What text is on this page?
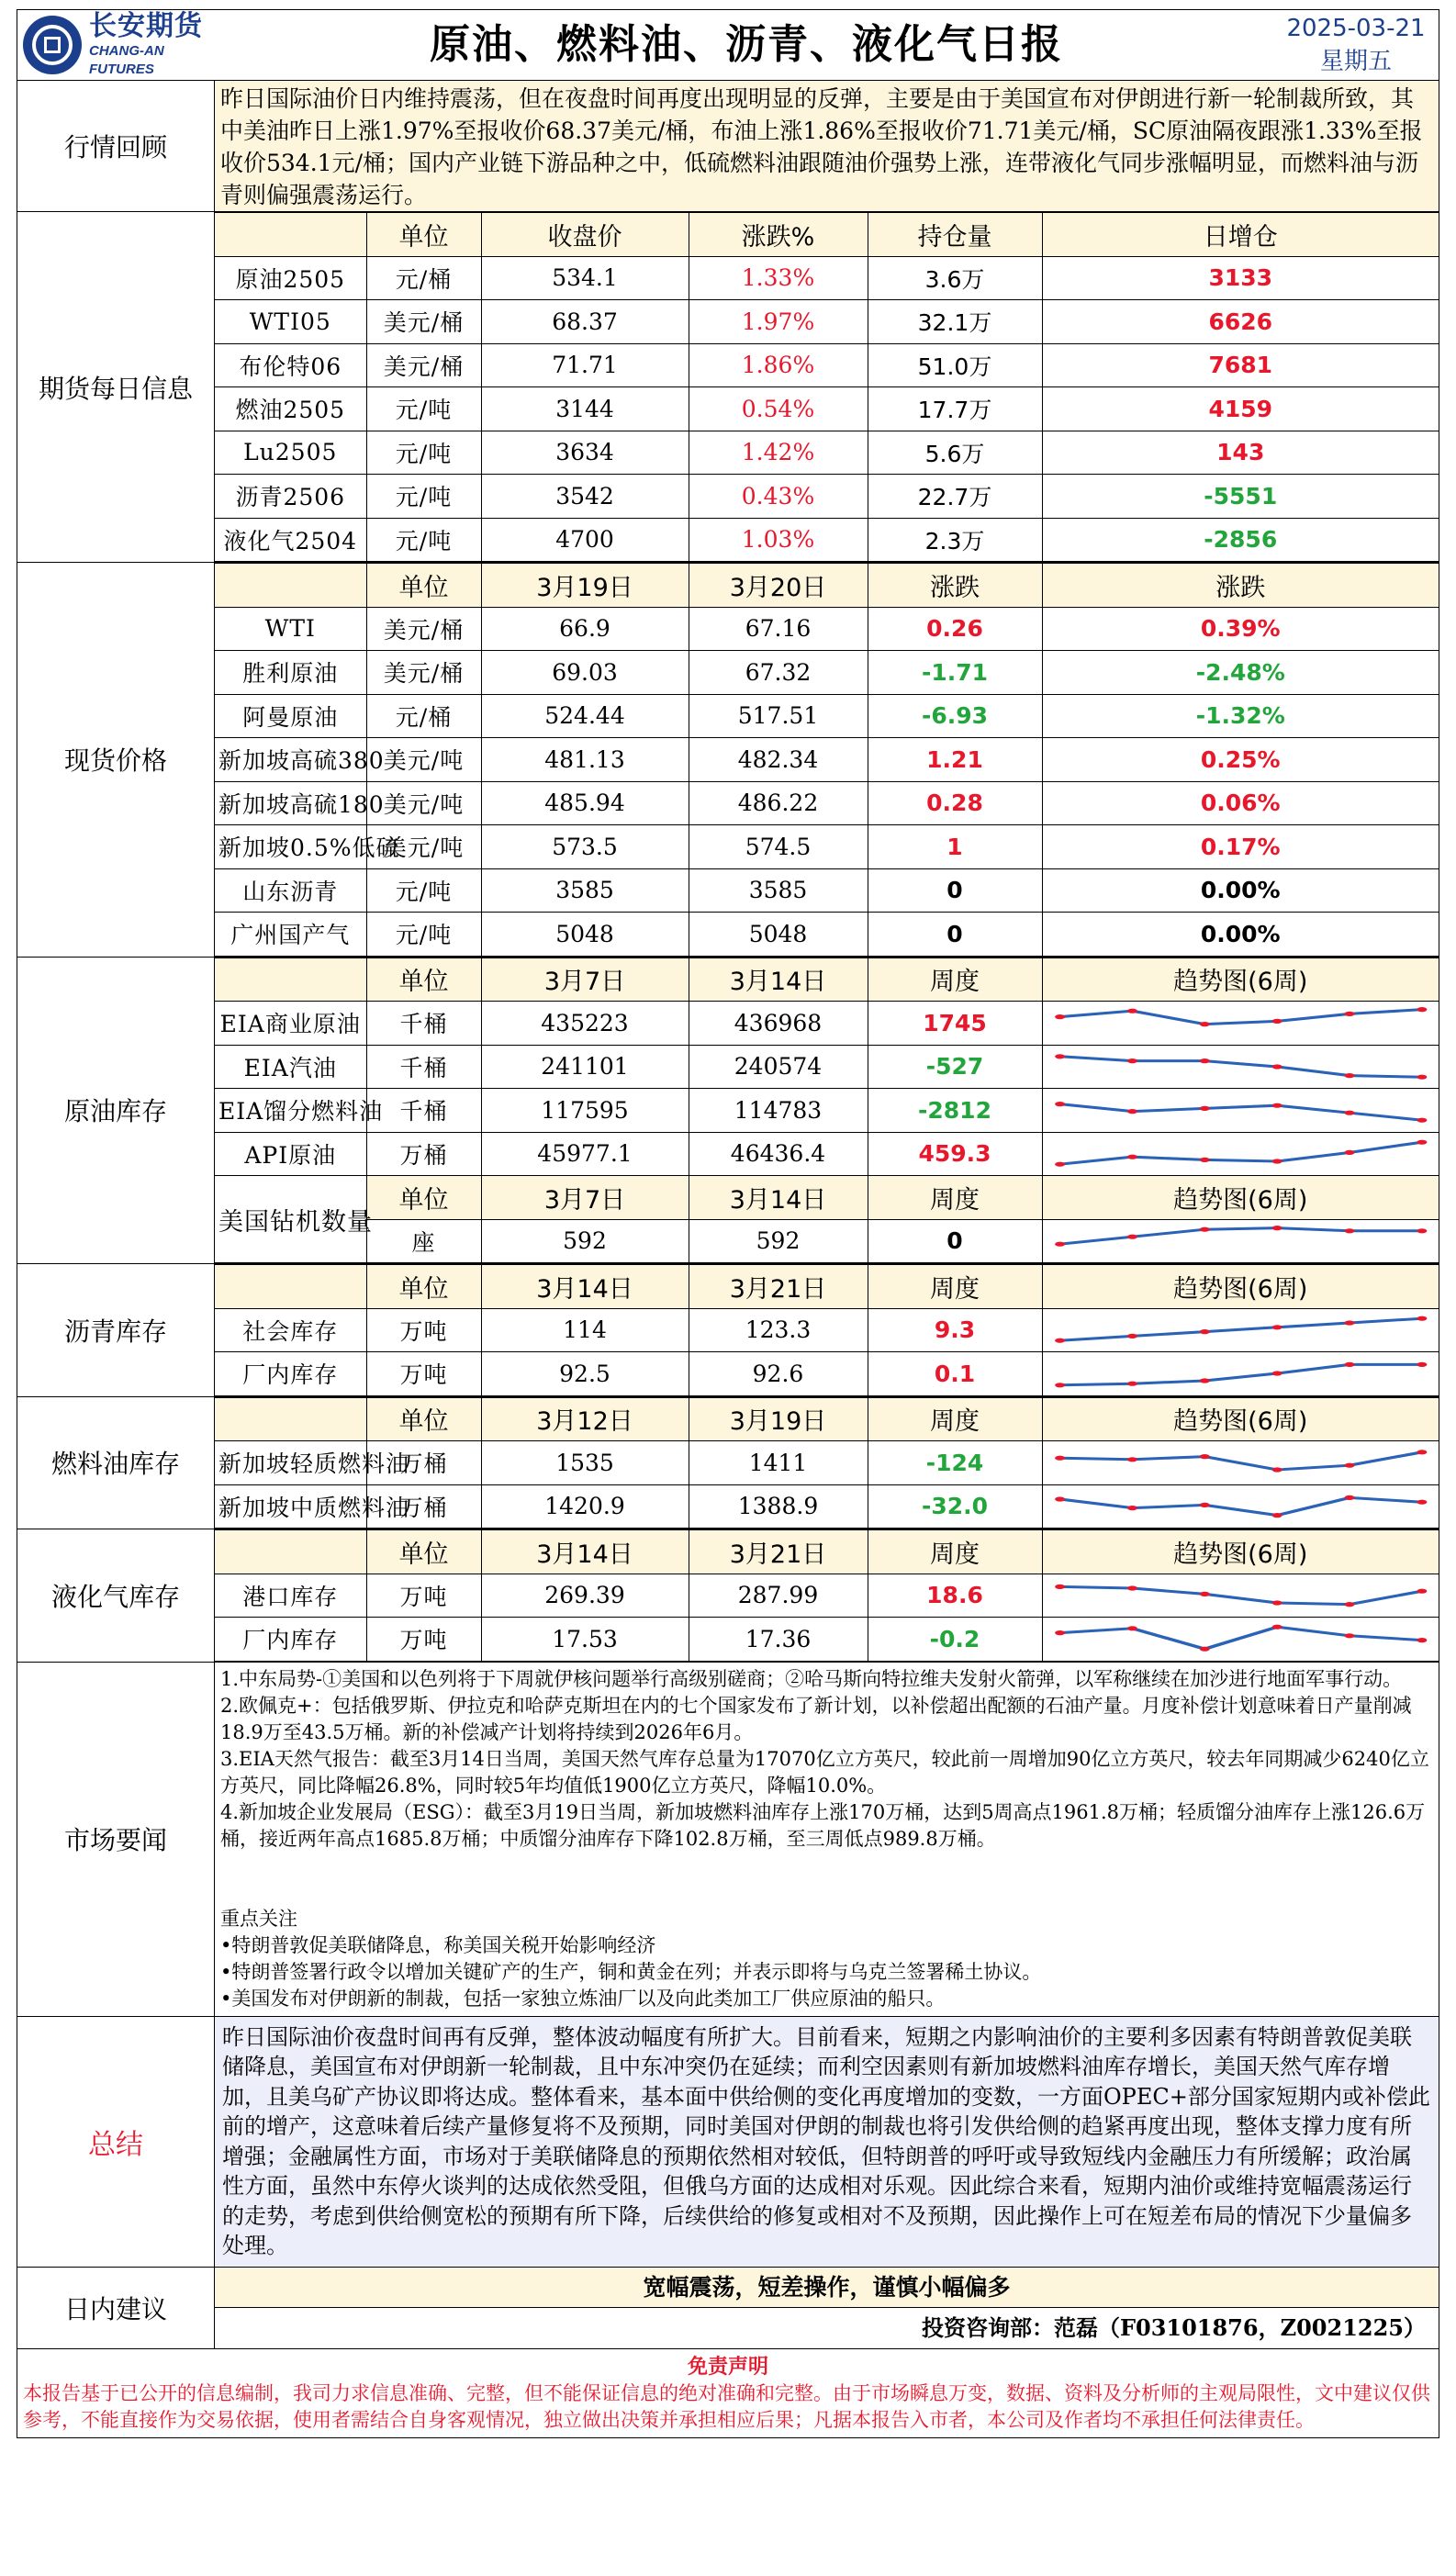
长安期货
CHANG-AN FUTURES
原油、燃料油、沥青、液化气日报	2025-03-21
星期五
行情回顾
昨日国际油价日内维持震荡，但在夜盘时间再度出现明显的反弹，主要是由于美国宣布对伊朗进行新一轮制裁所致，其中美油昨日上涨1.97%至报收价68.37美元/桶，布油上涨1.86%至报收价71.71美元/桶，SC原油隔夜跟涨1.33%至报收价534.1元/桶；国内产业链下游品种之中，低硫燃料油跟随油价强势上涨，连带液化气同步涨幅明显，而燃料油与沥青则偏强震荡运行。
期货每日信息
	单位	收盘价	涨跌%	持仓量	日增仓
原油2505	元/桶	534.1	1.33%	3.6万	3133
WTI05	美元/桶	68.37	1.97%	32.1万	6626
布伦特06	美元/桶	71.71	1.86%	51.0万	7681
燃油2505	元/吨	3144	0.54%	17.7万	4159
Lu2505	元/吨	3634	1.42%	5.6万	143
沥青2506	元/吨	3542	0.43%	22.7万	-5551
液化气2504	元/吨	4700	1.03%	2.3万	-2856
现货价格
	单位	3月19日	3月20日	涨跌	涨跌
WTI	美元/桶	66.9	67.16	0.26	0.39%
胜利原油	美元/桶	69.03	67.32	-1.71	-2.48%
阿曼原油	元/桶	524.44	517.51	-6.93	-1.32%
新加坡高硫380	美元/吨	481.13	482.34	1.21	0.25%
新加坡高硫180	美元/吨	485.94	486.22	0.28	0.06%
新加坡0.5%低硫	美元/吨	573.5	574.5	1	0.17%
山东沥青	元/吨	3585	3585	0	0.00%
广州国产气	元/吨	5048	5048	0	0.00%
原油库存
	单位	3月7日	3月14日	周度	趋势图(6周)
EIA商业原油	千桶	435223	436968	1745	

EIA汽油	千桶	241101	240574	-527	

EIA馏分燃料油	千桶	117595	114783	-2812	

API原油	万桶	45977.1	46436.4	459.3	

美国钻机数量	单位	3月7日	3月14日	周度	趋势图(6周)
	座	592	592	0	
沥青库存
	单位	3月14日	3月21日	周度	趋势图(6周)
社会库存	万吨	114	123.3	9.3	

厂内库存	万吨	92.5	92.6	0.1	
燃料油库存
	单位	3月12日	3月19日	周度	趋势图(6周)
新加坡轻质燃料油	万桶	1535	1411	-124	

新加坡中质燃料油	万桶	1420.9	1388.9	-32.0	
液化气库存
	单位	3月14日	3月21日	周度	趋势图(6周)
港口库存	万吨	269.39	287.99	18.6	

厂内库存	万吨	17.53	17.36	-0.2	
市场要闻
1.中东局势-①美国和以色列将于下周就伊核问题举行高级别磋商；②哈马斯向特拉维夫发射火箭弹，以军称继续在加沙进行地面军事行动。
2.欧佩克+：包括俄罗斯、伊拉克和哈萨克斯坦在内的七个国家发布了新计划，以补偿超出配额的石油产量。月度补偿计划意味着日产量削减18.9万至43.5万桶。新的补偿减产计划将持续到2026年6月。
3.EIA天然气报告：截至3月14日当周，美国天然气库存总量为17070亿立方英尺，较此前一周增加90亿立方英尺，较去年同期减少6240亿立方英尺，同比降幅26.8%，同时较5年均值低1900亿立方英尺，降幅10.0%。
4.新加坡企业发展局（ESG）：截至3月19日当周，新加坡燃料油库存上涨170万桶，达到5周高点1961.8万桶；轻质馏分油库存上涨126.6万桶，接近两年高点1685.8万桶；中质馏分油库存下降102.8万桶，至三周低点989.8万桶。
重点关注
•特朗普敦促美联储降息，称美国关税开始影响经济
•特朗普签署行政令以增加关键矿产的生产，铜和黄金在列；并表示即将与乌克兰签署稀土协议。
•美国发布对伊朗新的制裁，包括一家独立炼油厂以及向此类加工厂供应原油的船只。
总结
昨日国际油价夜盘时间再有反弹，整体波动幅度有所扩大。目前看来，短期之内影响油价的主要利多因素有特朗普敦促美联储降息，美国宣布对伊朗新一轮制裁，且中东冲突仍在延续；而利空因素则有新加坡燃料油库存增长，美国天然气库存增加，且美乌矿产协议即将达成。整体看来，基本面中供给侧的变化再度增加的变数，一方面OPEC+部分国家短期内或补偿此前的增产，这意味着后续产量修复将不及预期，同时美国对伊朗的制裁也将引发供给侧的趋紧再度出现，整体支撑力度有所增强；金融属性方面，市场对于美联储降息的预期依然相对较低，但特朗普的呼吁或导致短线内金融压力有所缓解；政治属性方面，虽然中东停火谈判的达成依然受阻，但俄乌方面的达成相对乐观。因此综合来看，短期内油价或维持宽幅震荡运行的走势，考虑到供给侧宽松的预期有所下降，后续供给的修复或相对不及预期，因此操作上可在短差布局的情况下少量偏多处理。
日内建议
宽幅震荡，短差操作，谨慎小幅偏多
投资咨询部：范磊（F03101876，Z0021225）
免责声明
本报告基于已公开的信息编制，我司力求信息准确、完整，但不能保证信息的绝对准确和完整。由于市场瞬息万变，数据、资料及分析师的主观局限性，文中建议仅供参考，不能直接作为交易依据，使用者需结合自身客观情况，独立做出决策并承担相应后果；凡据本报告入市者，本公司及作者均不承担任何法律责任。
